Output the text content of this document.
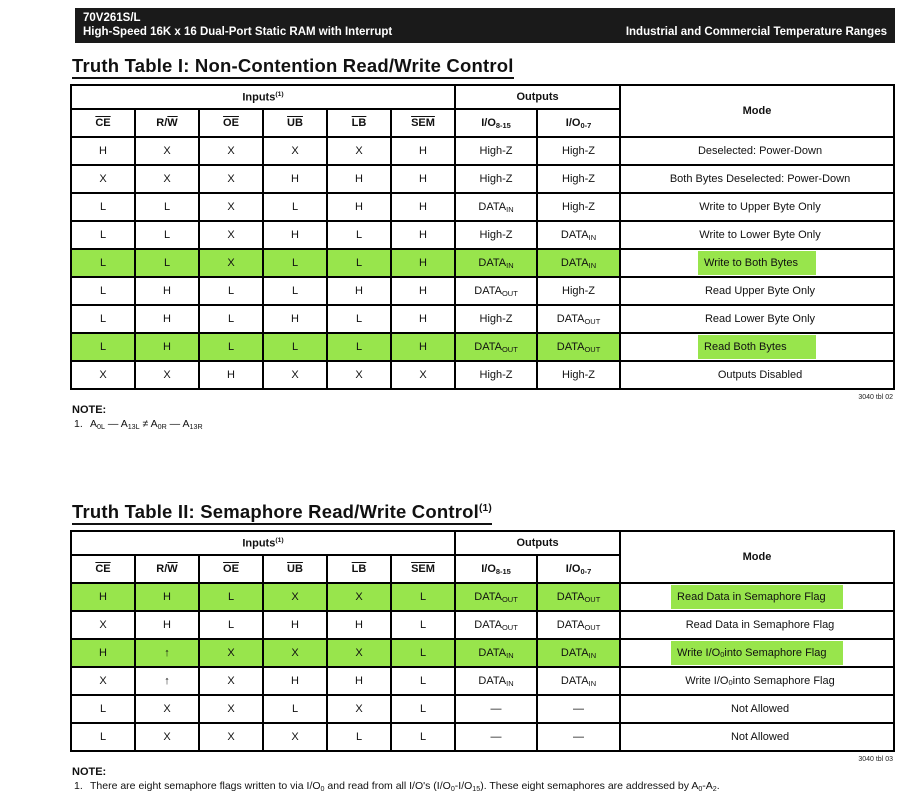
70V261S/L
High-Speed 16K x 16 Dual-Port Static RAM with Interrupt	Industrial and Commercial Temperature Ranges
Truth Table I: Non-Contention Read/Write Control
Inputs$^{(1)}$						Outputs		Mode
$\overline{CE}$	$R/\overline{W}$	$\overline{OE}$	$\overline{UB}$	$\overline{LB}$	$\overline{SEM}$	$I/O_{8-15}$	$I/O_{0-7}$
H	X	X	X	X	H	High-Z	High-Z	Deselected: Power-Down
X	X	X	H	H	H	High-Z	High-Z	Both Bytes Deselected: Power-Down
L	L	X	L	H	H	$DATA_{IN}$	High-Z	Write to Upper Byte Only
L	L	X	H	L	H	High-Z	$DATA_{IN}$	Write to Lower Byte Only
L	L	X	L	L	H	$DATA_{IN}$	$DATA_{IN}$	Write to Both Bytes
L	H	L	L	H	H	$DATA_{OUT}$	High-Z	Read Upper Byte Only
L	H	L	H	L	H	High-Z	$DATA_{OUT}$	Read Lower Byte Only
L	H	L	L	L	H	$DATA_{OUT}$	$DATA_{OUT}$	Read Both Bytes
X	X	H	X	X	X	High-Z	High-Z	Outputs Disabled
3040 tbl 02
NOTE:
1. $A_{0L}$ — $A_{13L} \ne A_{0R}$ — $A_{13R}$
Truth Table II: Semaphore Read/Write Control$^{(1)}$
Inputs$^{(1)}$						Outputs		Mode
$\overline{CE}$	$R/\overline{W}$	$\overline{OE}$	$\overline{UB}$	$\overline{LB}$	$\overline{SEM}$	$I/O_{8-15}$	$I/O_{0-7}$
H	H	L	X	X	L	$DATA_{OUT}$	$DATA_{OUT}$	Read Data in Semaphore Flag
X	H	L	H	H	L	$DATA_{OUT}$	$DATA_{OUT}$	Read Data in Semaphore Flag
H	↑	X	X	X	L	$DATA_{IN}$	$DATA_{IN}$	Write $I/O_0$ into Semaphore Flag
X	↑	X	H	H	L	$DATA_{IN}$	$DATA_{IN}$	Write $I/O_0$ into Semaphore Flag
L	X	X	L	X	L	—	—	Not Allowed
L	X	X	X	L	L	—	—	Not Allowed
3040 tbl 03
NOTE:
1. There are eight semaphore flags written to via $I/O_0$ and read from all I/O's $(I/O_0-I/O_{15})$. These eight semaphores are addressed by $A_0-A_2$.
